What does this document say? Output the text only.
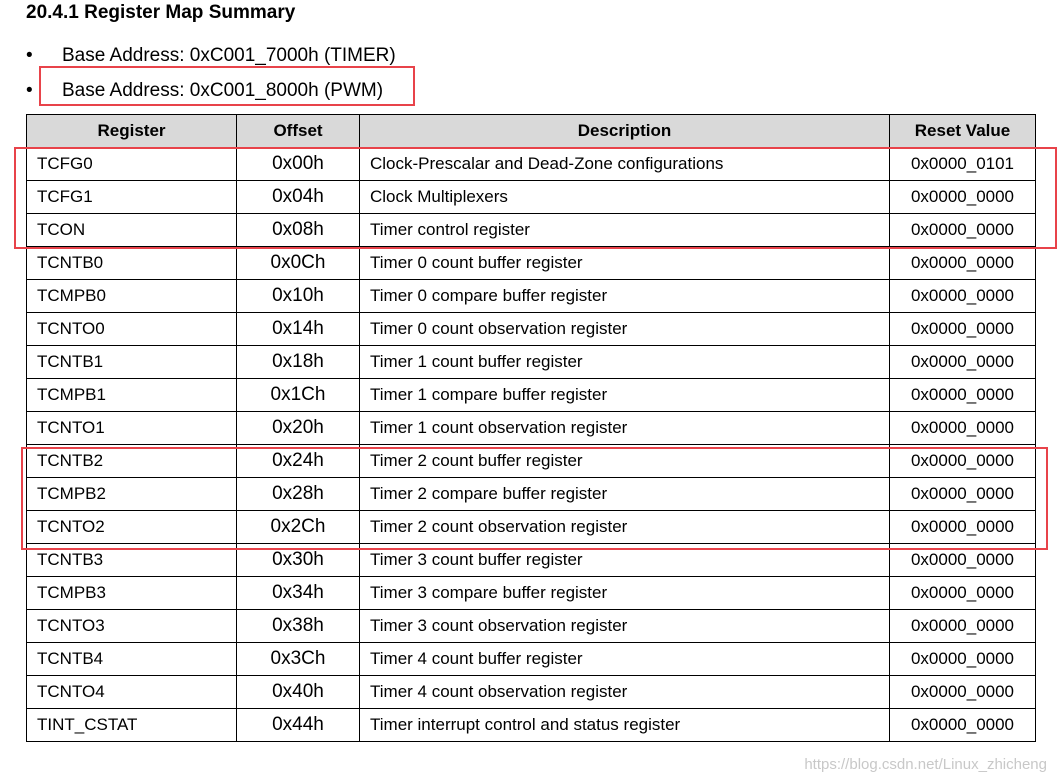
20.4.1 Register Map Summary
• Base Address: 0xC001_7000h (TIMER)
• Base Address: 0xC001_8000h (PWM)
Register	Offset	Description	Reset Value
TCFG0	0x00h	Clock-Prescalar and Dead-Zone configurations	0x0000_0101
TCFG1	0x04h	Clock Multiplexers	0x0000_0000
TCON	0x08h	Timer control register	0x0000_0000
TCNTB0	0x0Ch	Timer 0 count buffer register	0x0000_0000
TCMPB0	0x10h	Timer 0 compare buffer register	0x0000_0000
TCNTO0	0x14h	Timer 0 count observation register	0x0000_0000
TCNTB1	0x18h	Timer 1 count buffer register	0x0000_0000
TCMPB1	0x1Ch	Timer 1 compare buffer register	0x0000_0000
TCNTO1	0x20h	Timer 1 count observation register	0x0000_0000
TCNTB2	0x24h	Timer 2 count buffer register	0x0000_0000
TCMPB2	0x28h	Timer 2 compare buffer register	0x0000_0000
TCNTO2	0x2Ch	Timer 2 count observation register	0x0000_0000
TCNTB3	0x30h	Timer 3 count buffer register	0x0000_0000
TCMPB3	0x34h	Timer 3 compare buffer register	0x0000_0000
TCNTO3	0x38h	Timer 3 count observation register	0x0000_0000
TCNTB4	0x3Ch	Timer 4 count buffer register	0x0000_0000
TCNTO4	0x40h	Timer 4 count observation register	0x0000_0000
TINT_CSTAT	0x44h	Timer interrupt control and status register	0x0000_0000
https://blog.csdn.net/Linux_zhicheng
